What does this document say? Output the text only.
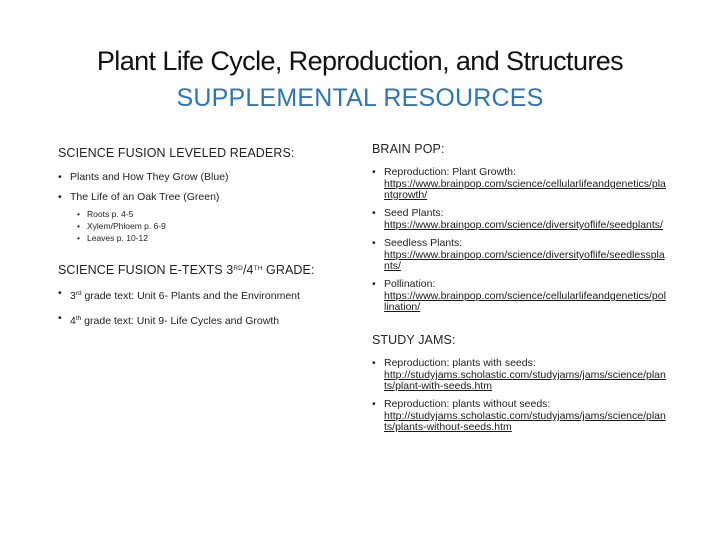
Plant Life Cycle, Reproduction, and Structures
SUPPLEMENTAL RESOURCES
SCIENCE FUSION LEVELED READERS:
• Plants and How They Grow (Blue)
• The Life of an Oak Tree (Green)
• Roots p. 4-5
• Xylem/Phloem p. 6-9
• Leaves p. 10-12
SCIENCE FUSION E-TEXTS 3RD/4TH GRADE:
• 3rd grade text: Unit 6- Plants and the Environment
• 4th grade text: Unit 9- Life Cycles and Growth
BRAIN POP:
• Reproduction: Plant Growth:
https://www.brainpop.com/science/cellularlifeandgenetics/plantgrowth/
• Seed Plants:
https://www.brainpop.com/science/diversityoflife/seedplants/
• Seedless Plants:
https://www.brainpop.com/science/diversityoflife/seedlessplants/
• Pollination:
https://www.brainpop.com/science/cellularlifeandgenetics/pollination/
STUDY JAMS:
• Reproduction: plants with seeds:
http://studyjams.scholastic.com/studyjams/jams/science/plants/plant-with-seeds.htm
• Reproduction: plants without seeds:
http://studyjams.scholastic.com/studyjams/jams/science/plants/plants-without-seeds.htm
